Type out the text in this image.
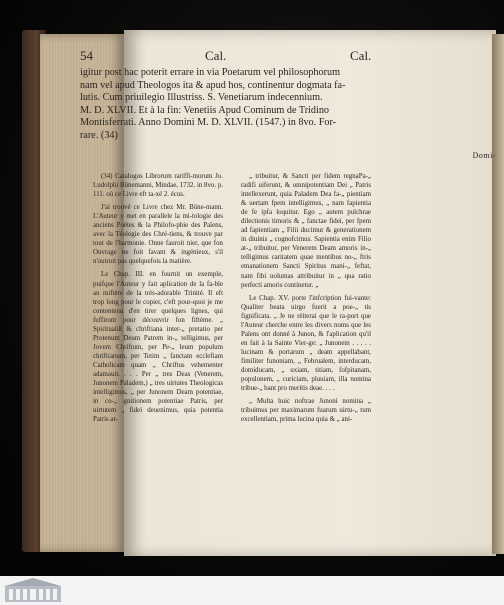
54	Cal.	Cal.

igitur post hac poterit errare in via Poetarum vel philosophorum

nam vel apud Theologos ita & apud hos, continentur dogmata fa-

lutis. Cum priuilegio Illustriss. S. Venetiarum indecennium.

M. D. XLVII. Et à la fin: Venetiis Apud Cominum de Tridino

Montisferrati. Anno Domini M. D. XLVII. (1547.) in 8vo. For-

rare. (34)

Domi-

(34) Catalogus Librorum rariffi-morum Jo. Ludolphi Bünemanni, Mindae, 1732. in 8vo. p. 111. où ce Livre eft ta-xé 2. écus.

J'ai trouvé ce Livre chez Mr. Büne-mann. L'Auteur y met en parallele la mi-tologie des anciens Poëtes & la Philofo-phie des Païens, avec la Téologie des Chré-tiens, & trouve par tout de l'harmonie. Onne fauroit nier, que fon Ouvrage ne foit favant & ingénieux, s'il n'outroit pas quelquefois la matière.

Le Chap. III. en fournit un exemple, puifque l'Auteur y fait aplication de la fa-ble au miftère de la très-adorable Trinité. Il eft trop long pour le copier, c'eft pour-quoi je me contenterai d'en tirer quelques lignes, qui fuffiront pour découvrir fon fiftème. „ Spiritualiß & chriftiana inter-„ pretatio per Protenum Deum Patrem in-„ telligimus, per Jovem Chriftum, per Pe-„ leum populum chriftianum, per Tetim „ fanctam ecclefiam Catholicam quam „ Chriftus vehementer adamauit. . . . Per „ tres Deas (Venerem, Junonem Paladem,) „ tres uirtutes Theologicas intelligimus, „ per Junonem Deam potentiae, in co-„ gnitionem potentiae Patris, per uirtutem „ fidei deuenimus, quia potentia Patris at-

„ tribuitur, & Sancti per fidem regnaPa-„ radifi uiferunt, & omnipotentiam Dei „ Patris intellexerunt, quia Paladem Dea fa-„ pientiam & uertam fpem intelligimus, „ nam fapientia de fe ipfa loquitur. Ego „ autem pulchrae dilectionis timoris & „ fanctae fidei, per fpem ad fapientiam „ Filii ducimur & generationem in diuinis „ cognofcimus. Sapientia enim Filio at-„ tribuitur, per Venerem Deam amoris in-„ telligimus caritatem quae mentibus no-„ ftris emanationem Sancti Spiritus mani-„ feftat, nam fibi uoluntas attribuitur in „ qua ratio perfecti amoris continetur. „

Le Chap. XV. porte l'infcription fui-vante: Qualiter beata uirgo fuerit a poe-„ tis fignificata. „ Je ne réiterai que le ra-port que l'Auteur cherche entre les divers noms que les Païens ont donné à Junon, & l'aplication qu'il en fait à la Sainte Vier-ge: „ Junonem . . . . . lucinam & portarum „ deam appellabant, fimiliter funoniam, „ Februalem, interducam, domiducam, „ uxiam, titiam, fofpitanam, populonem, „ curiciam, pluuiam, illa nomina tribue-„ bant pro meritis deae. . . .

„ Multa huic noftrae Junoni nomina „ tribuimus per maximarum fuarum uirtu-„ tum excellentiam, prima lucina quia & „ ani-
